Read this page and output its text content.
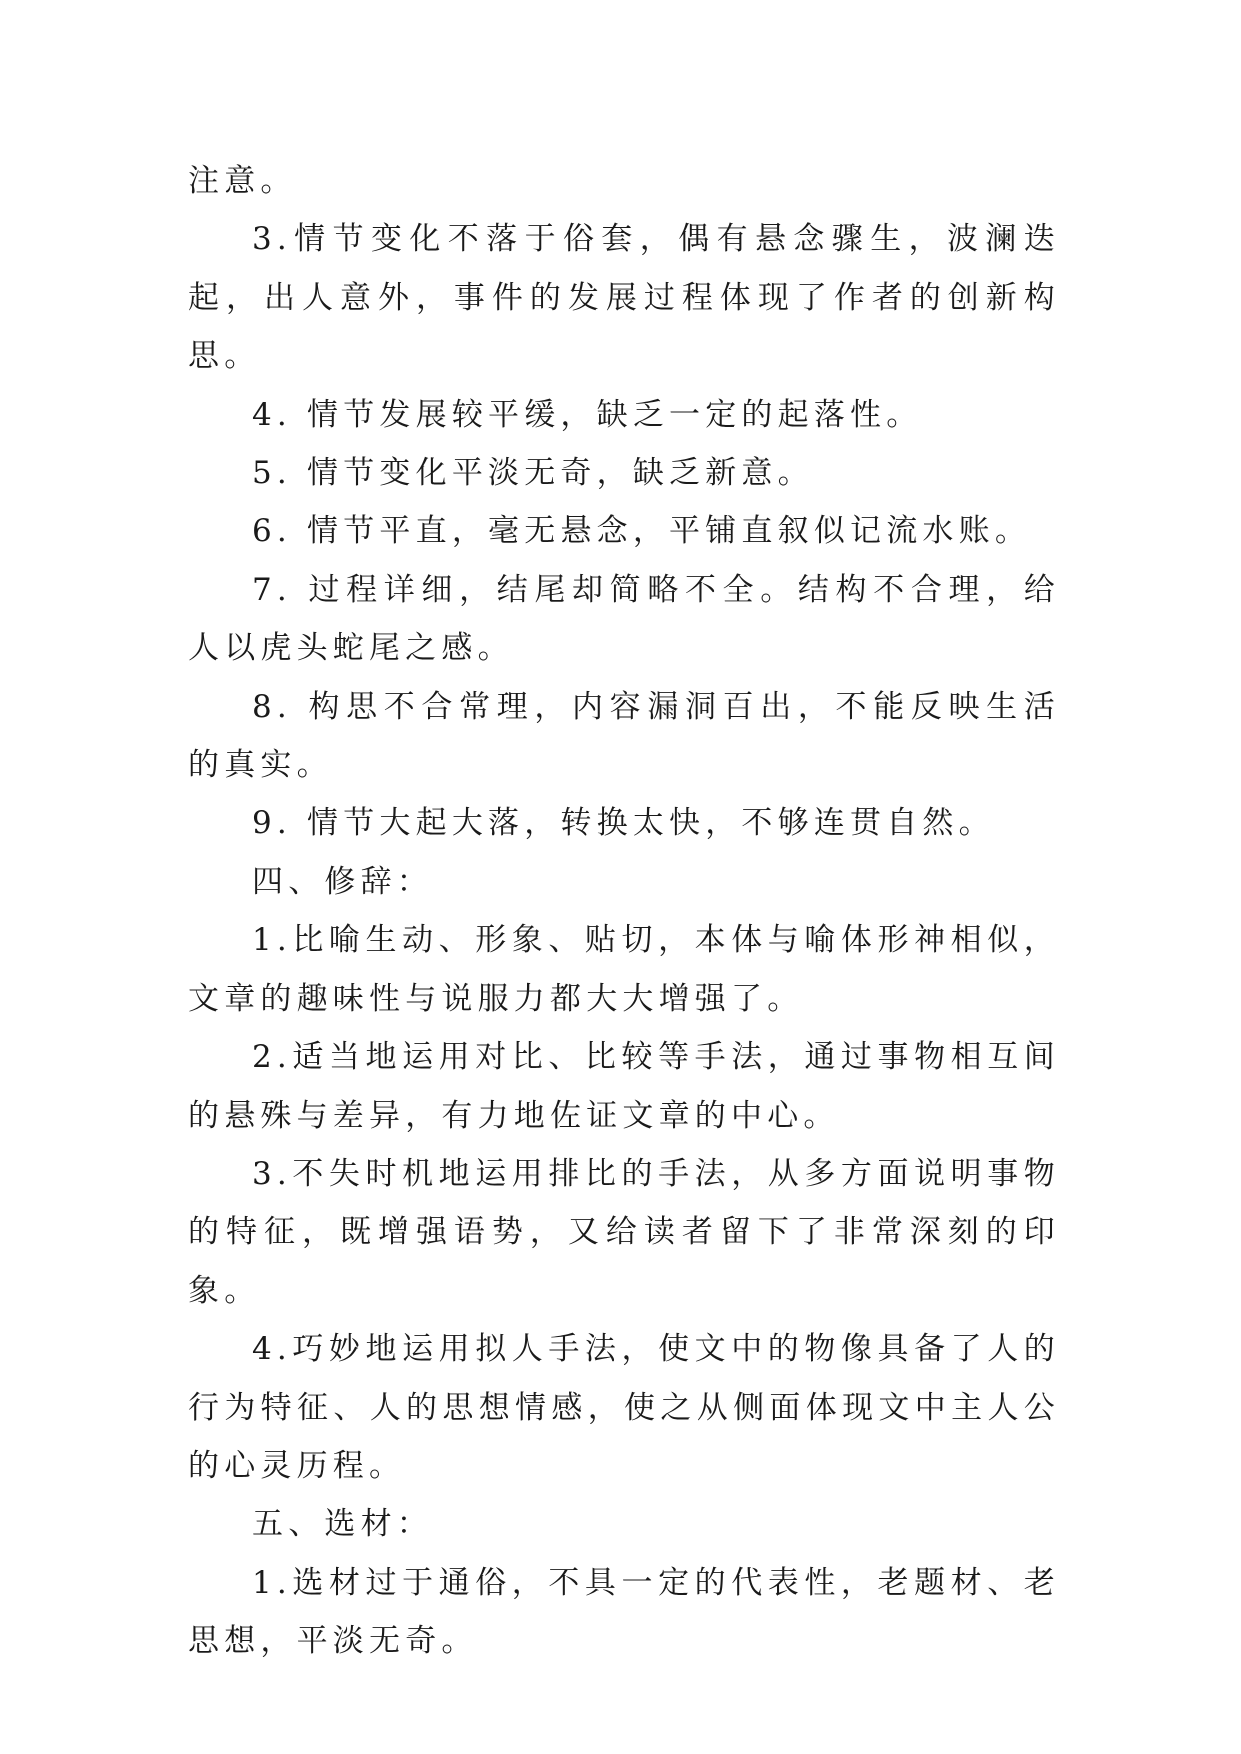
注意。

3.情节变化不落于俗套，偶有悬念骤生，波澜迭起，出人意外，事件的发展过程体现了作者的创新构思。

4. 情节发展较平缓，缺乏一定的起落性。

5. 情节变化平淡无奇，缺乏新意。

6. 情节平直，毫无悬念，平铺直叙似记流水账。

7. 过程详细，结尾却简略不全。结构不合理，给人以虎头蛇尾之感。

8. 构思不合常理，内容漏洞百出，不能反映生活的真实。

9. 情节大起大落，转换太快，不够连贯自然。

四、修辞：

1.比喻生动、形象、贴切，本体与喻体形神相似，文章的趣味性与说服力都大大增强了。

2.适当地运用对比、比较等手法，通过事物相互间的悬殊与差异，有力地佐证文章的中心。

3.不失时机地运用排比的手法，从多方面说明事物的特征，既增强语势，又给读者留下了非常深刻的印象。

4.巧妙地运用拟人手法，使文中的物像具备了人的行为特征、人的思想情感，使之从侧面体现文中主人公的心灵历程。

五、选材：

1.选材过于通俗，不具一定的代表性，老题材、老思想，平淡无奇。
